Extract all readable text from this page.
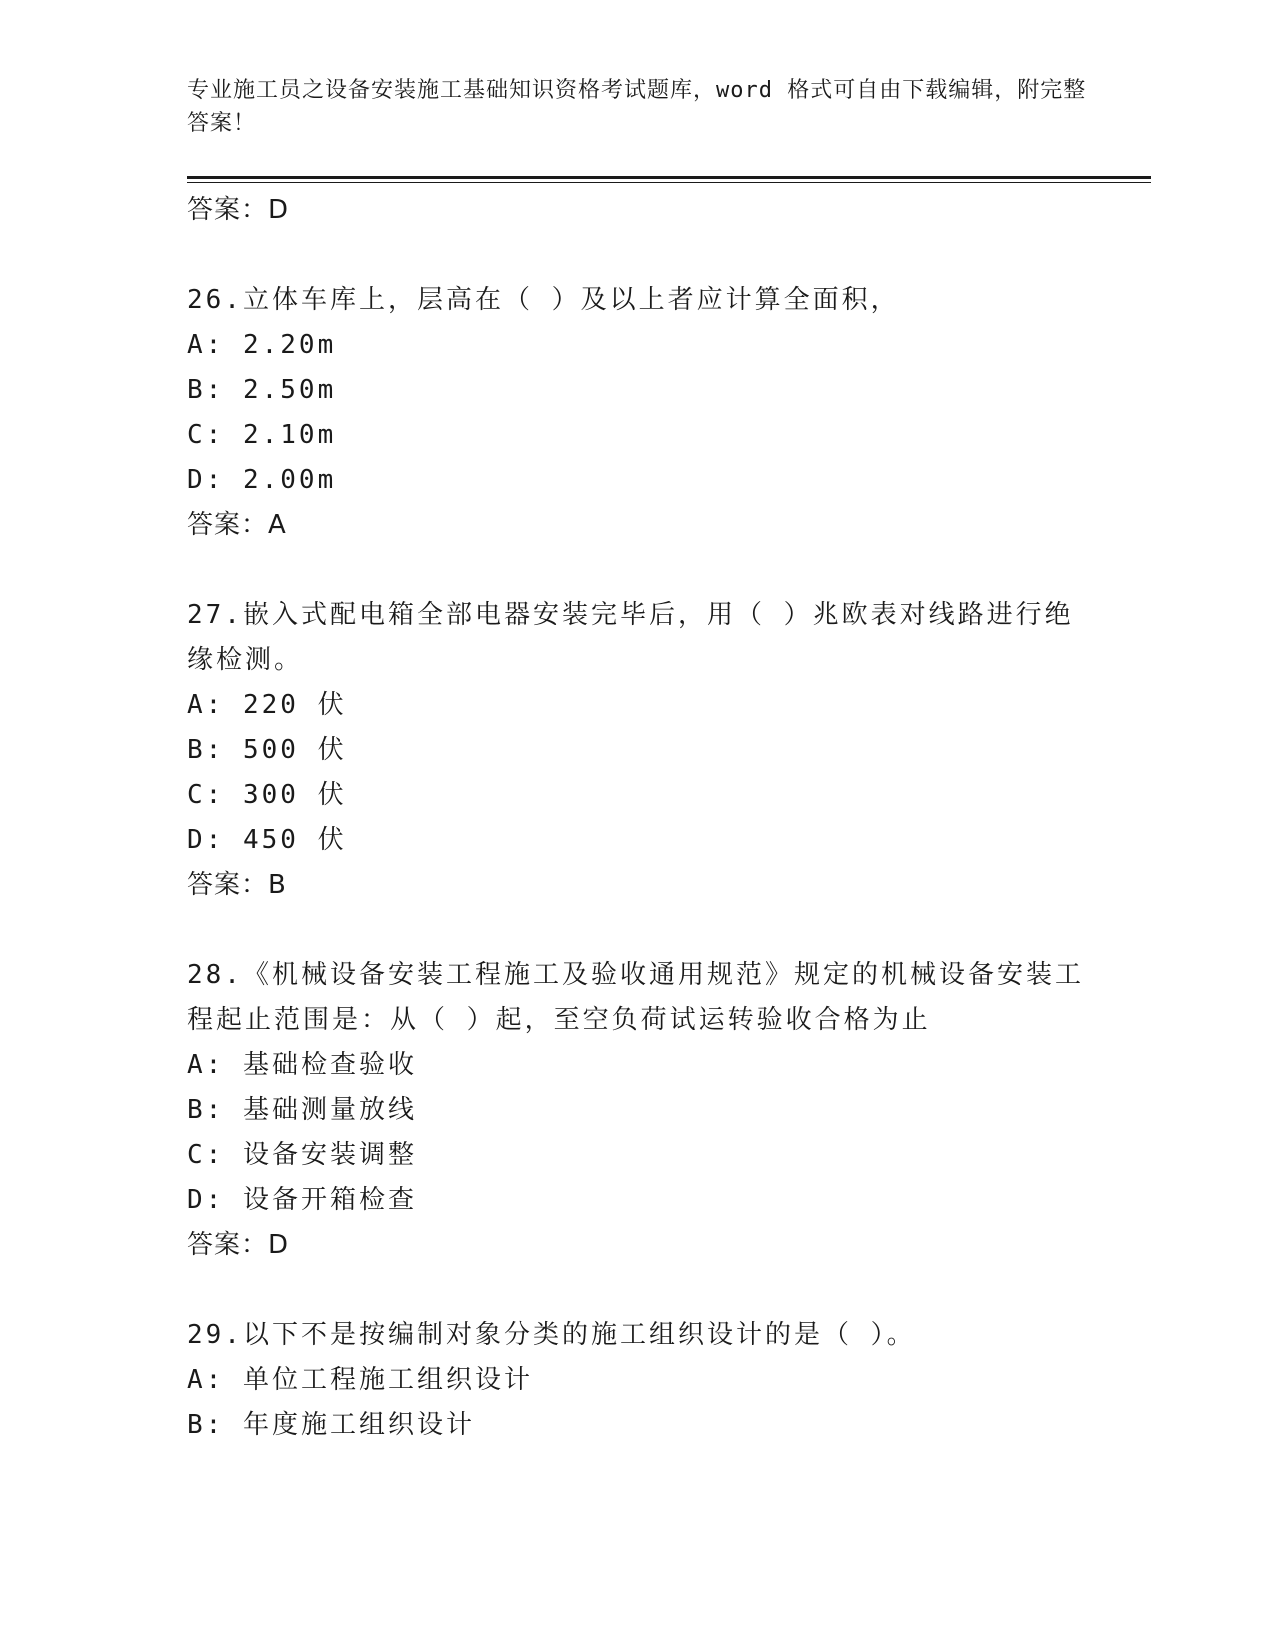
专业施工员之设备安装施工基础知识资格考试题库，word 格式可自由下载编辑，附完整答案！
答案：D
26.立体车库上，层高在（ ）及以上者应计算全面积，
A: 2.20m
B: 2.50m
C: 2.10m
D: 2.00m
答案：A
27.嵌入式配电箱全部电器安装完毕后，用（ ）兆欧表对线路进行绝缘检测。
A: 220 伏
B: 500 伏
C: 300 伏
D: 450 伏
答案：B
28.《机械设备安装工程施工及验收通用规范》规定的机械设备安装工程起止范围是：从（ ）起，至空负荷试运转验收合格为止
A: 基础检查验收
B: 基础测量放线
C: 设备安装调整
D: 设备开箱检查
答案：D
29.以下不是按编制对象分类的施工组织设计的是（ ）。
A: 单位工程施工组织设计
B: 年度施工组织设计
